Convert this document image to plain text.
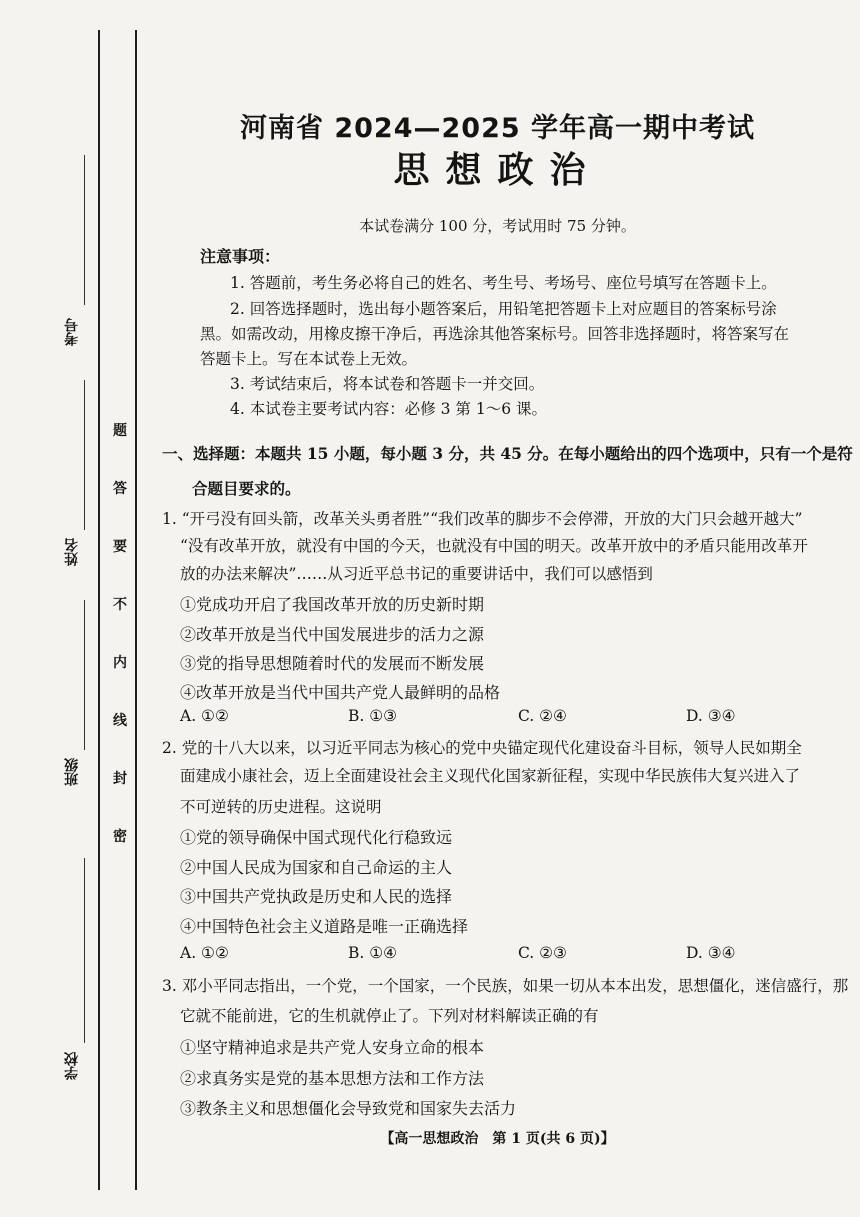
考号
姓名
班级
学校
题
答
要
不
内
线
封
密
河南省 2024—2025 学年高一期中考试
思想政治
本试卷满分 100 分，考试用时 75 分钟。
注意事项：
1. 答题前，考生务必将自己的姓名、考生号、考场号、座位号填写在答题卡上。
2. 回答选择题时，选出每小题答案后，用铅笔把答题卡上对应题目的答案标号涂
黑。如需改动，用橡皮擦干净后，再选涂其他答案标号。回答非选择题时，将答案写在
答题卡上。写在本试卷上无效。
3. 考试结束后，将本试卷和答题卡一并交回。
4. 本试卷主要考试内容：必修 3 第 1～6 课。
一、选择题：本题共 15 小题，每小题 3 分，共 45 分。在每小题给出的四个选项中，只有一个是符
合题目要求的。
1. “开弓没有回头箭，改革关头勇者胜”“我们改革的脚步不会停滞，开放的大门只会越开越大”
“没有改革开放，就没有中国的今天，也就没有中国的明天。改革开放中的矛盾只能用改革开
放的办法来解决”……从习近平总书记的重要讲话中，我们可以感悟到
①党成功开启了我国改革开放的历史新时期
②改革开放是当代中国发展进步的活力之源
③党的指导思想随着时代的发展而不断发展
④改革开放是当代中国共产党人最鲜明的品格
A. ①②	B. ①③	C. ②④	D. ③④
2. 党的十八大以来，以习近平同志为核心的党中央锚定现代化建设奋斗目标，领导人民如期全
面建成小康社会，迈上全面建设社会主义现代化国家新征程，实现中华民族伟大复兴进入了
不可逆转的历史进程。这说明
①党的领导确保中国式现代化行稳致远
②中国人民成为国家和自己命运的主人
③中国共产党执政是历史和人民的选择
④中国特色社会主义道路是唯一正确选择
A. ①②	B. ①④	C. ②③	D. ③④
3. 邓小平同志指出，一个党，一个国家，一个民族，如果一切从本本出发，思想僵化，迷信盛行，那
它就不能前进，它的生机就停止了。下列对材料解读正确的有
①坚守精神追求是共产党人安身立命的根本
②求真务实是党的基本思想方法和工作方法
③教条主义和思想僵化会导致党和国家失去活力
【高一思想政治　第 1 页(共 6 页)】
